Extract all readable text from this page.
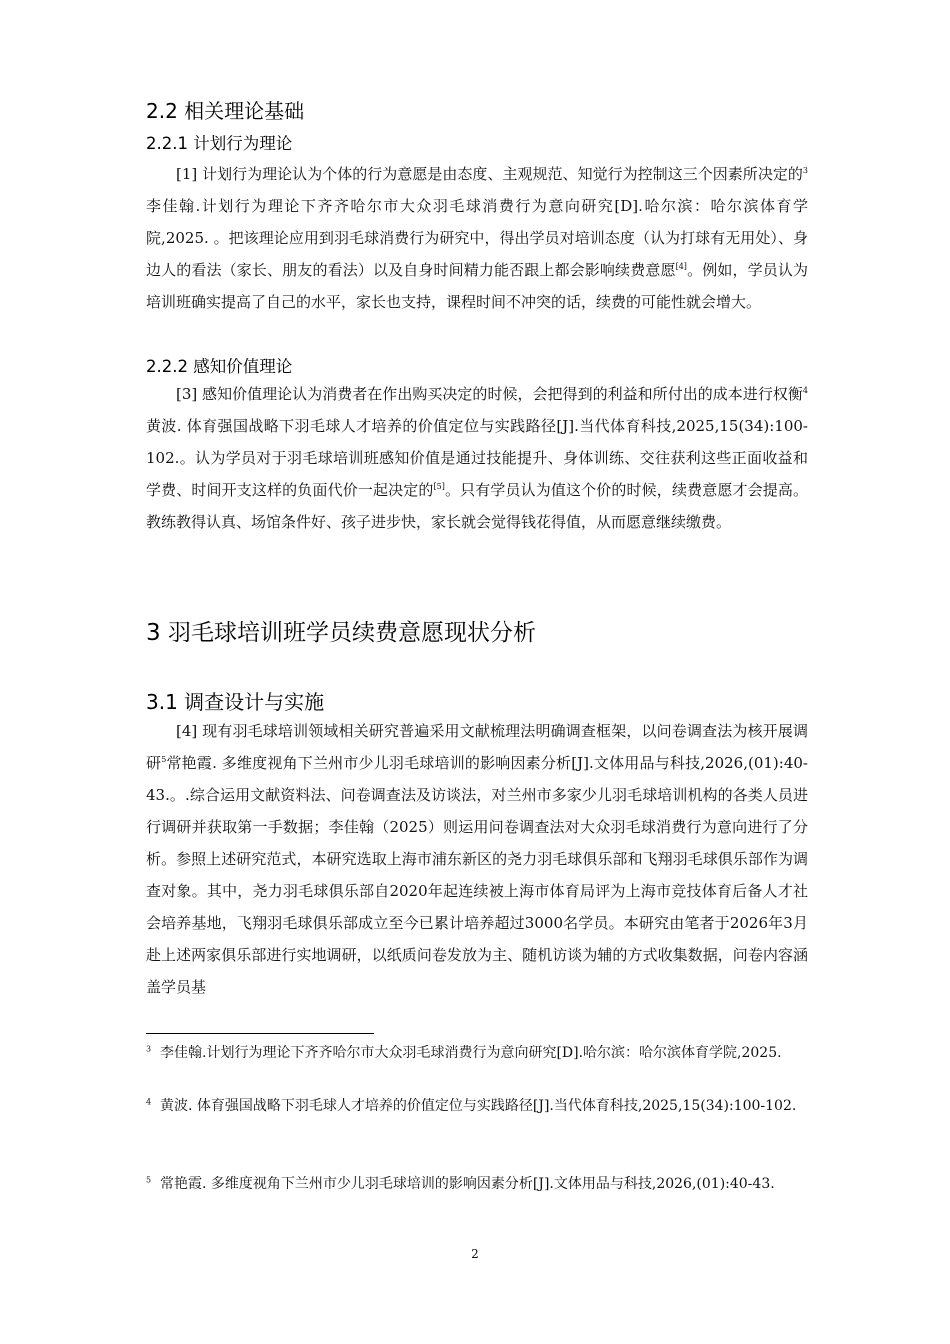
2.2 相关理论基础
2.2.1 计划行为理论

[1] 计划行为理论认为个体的行为意愿是由态度、主观规范、知觉行为控制这三个因素所决定的$^3$李佳翰.计划行为理论下齐齐哈尔市大众羽毛球消费行为意向研究[D].哈尔滨：哈尔滨体育学院,2025. 。把该理论应用到羽毛球消费行为研究中，得出学员对培训态度（认为打球有无用处）、身边人的看法（家长、朋友的看法）以及自身时间精力能否跟上都会影响续费意愿[4]。例如，学员认为培训班确实提高了自己的水平，家长也支持，课程时间不冲突的话，续费的可能性就会增大。

2.2.2 感知价值理论

[3] 感知价值理论认为消费者在作出购买决定的时候，会把得到的利益和所付出的成本进行权衡$^4$黄波. 体育强国战略下羽毛球人才培养的价值定位与实践路径[J].当代体育科技,2025,15(34):100-102.。认为学员对于羽毛球培训班感知价值是通过技能提升、身体训练、交往获利这些正面收益和学费、时间开支这样的负面代价一起决定的[5]。只有学员认为值这个价的时候，续费意愿才会提高。教练教得认真、场馆条件好、孩子进步快，家长就会觉得钱花得值，从而愿意继续缴费。

3 羽毛球培训班学员续费意愿现状分析
3.1 调查设计与实施

[4] 现有羽毛球培训领域相关研究普遍采用文献梳理法明确调查框架，以问卷调查法为核开展调研$^5$常艳霞. 多维度视角下兰州市少儿羽毛球培训的影响因素分析[J].文体用品与科技,2026,(01):40-43.。.综合运用文献资料法、问卷调查法及访谈法，对兰州市多家少儿羽毛球培训机构的各类人员进行调研并获取第一手数据；李佳翰（2025）则运用问卷调查法对大众羽毛球消费行为意向进行了分析。参照上述研究范式，本研究选取上海市浦东新区的尧力羽毛球俱乐部和飞翔羽毛球俱乐部作为调查对象。其中，尧力羽毛球俱乐部自2020年起连续被上海市体育局评为上海市竞技体育后备人才社会培养基地，飞翔羽毛球俱乐部成立至今已累计培养超过3000名学员。本研究由笔者于2026年3月赴上述两家俱乐部进行实地调研，以纸质问卷发放为主、随机访谈为辅的方式收集数据，问卷内容涵盖学员基

$^3$ 李佳翰.计划行为理论下齐齐哈尔市大众羽毛球消费行为意向研究[D].哈尔滨：哈尔滨体育学院,2025.

$^4$ 黄波. 体育强国战略下羽毛球人才培养的价值定位与实践路径[J].当代体育科技,2025,15(34):100-102.

$^5$ 常艳霞. 多维度视角下兰州市少儿羽毛球培训的影响因素分析[J].文体用品与科技,2026,(01):40-43.

2
